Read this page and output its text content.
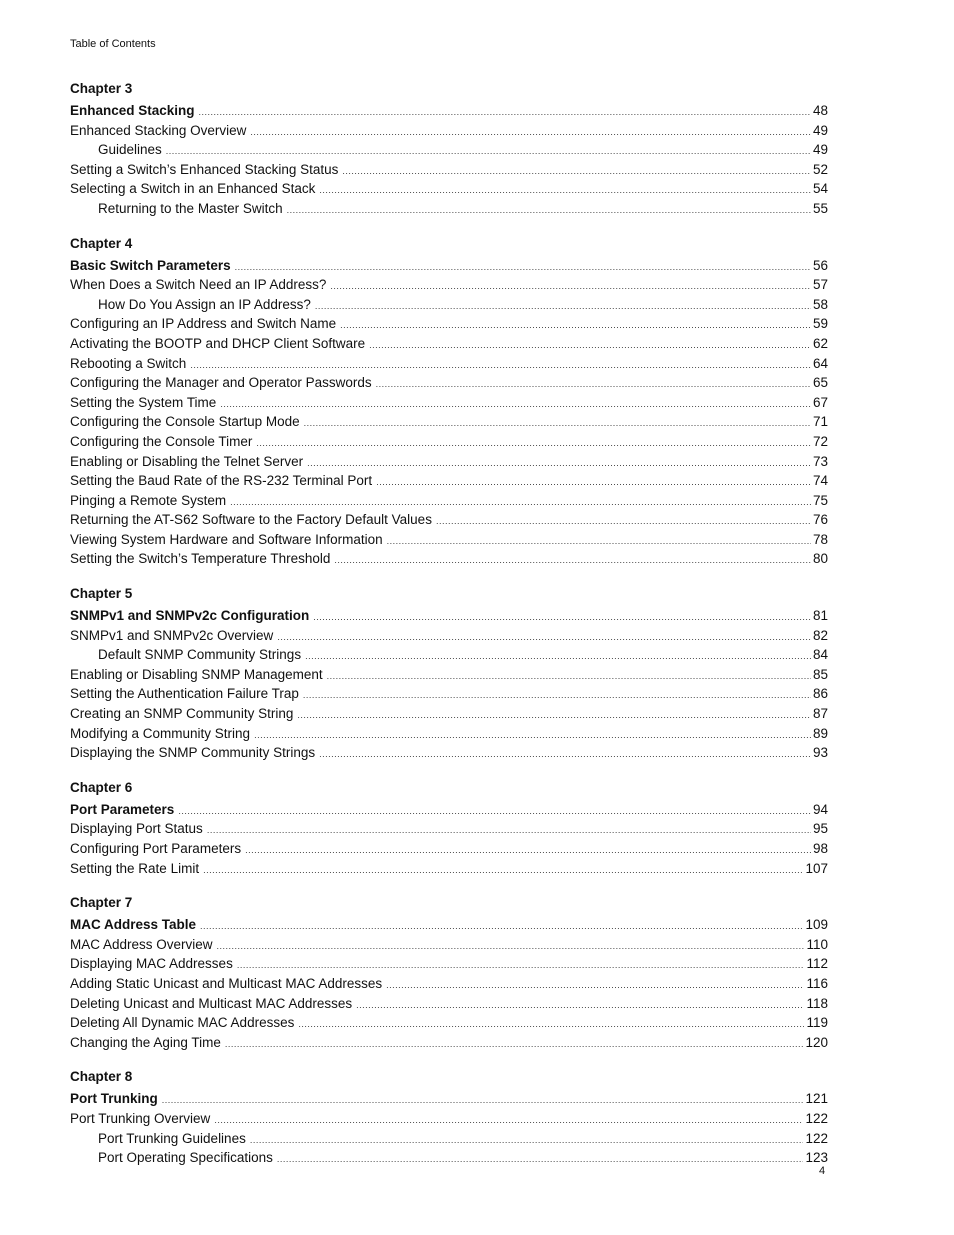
Table of Contents
Chapter 3
Enhanced Stacking .....	48
Enhanced Stacking Overview .....	49
Guidelines .....	49
Setting a Switch’s Enhanced Stacking Status .....	52
Selecting a Switch in an Enhanced Stack .....	54
Returning to the Master Switch .....	55
Chapter 4
Basic Switch Parameters .....	56
When Does a Switch Need an IP Address? .....	57
How Do You Assign an IP Address? .....	58
Configuring an IP Address and Switch Name .....	59
Activating the BOOTP and DHCP Client Software .....	62
Rebooting a Switch .....	64
Configuring the Manager and Operator Passwords .....	65
Setting the System Time .....	67
Configuring the Console Startup Mode .....	71
Configuring the Console Timer .....	72
Enabling or Disabling the Telnet Server .....	73
Setting the Baud Rate of the RS-232 Terminal Port .....	74
Pinging a Remote System .....	75
Returning the AT-S62 Software to the Factory Default Values .....	76
Viewing System Hardware and Software Information .....	78
Setting the Switch’s Temperature Threshold .....	80
Chapter 5
SNMPv1 and SNMPv2c Configuration .....	81
SNMPv1 and SNMPv2c Overview .....	82
Default SNMP Community Strings .....	84
Enabling or Disabling SNMP Management .....	85
Setting the Authentication Failure Trap .....	86
Creating an SNMP Community String .....	87
Modifying a Community String .....	89
Displaying the SNMP Community Strings .....	93
Chapter 6
Port Parameters .....	94
Displaying Port Status .....	95
Configuring Port Parameters .....	98
Setting the Rate Limit .....	107
Chapter 7
MAC Address Table .....	109
MAC Address Overview .....	110
Displaying MAC Addresses .....	112
Adding Static Unicast and Multicast MAC Addresses .....	116
Deleting Unicast and Multicast MAC Addresses .....	118
Deleting All Dynamic MAC Addresses .....	119
Changing the Aging Time .....	120
Chapter 8
Port Trunking .....	121
Port Trunking Overview .....	122
Port Trunking Guidelines .....	122
Port Operating Specifications .....	123
4
